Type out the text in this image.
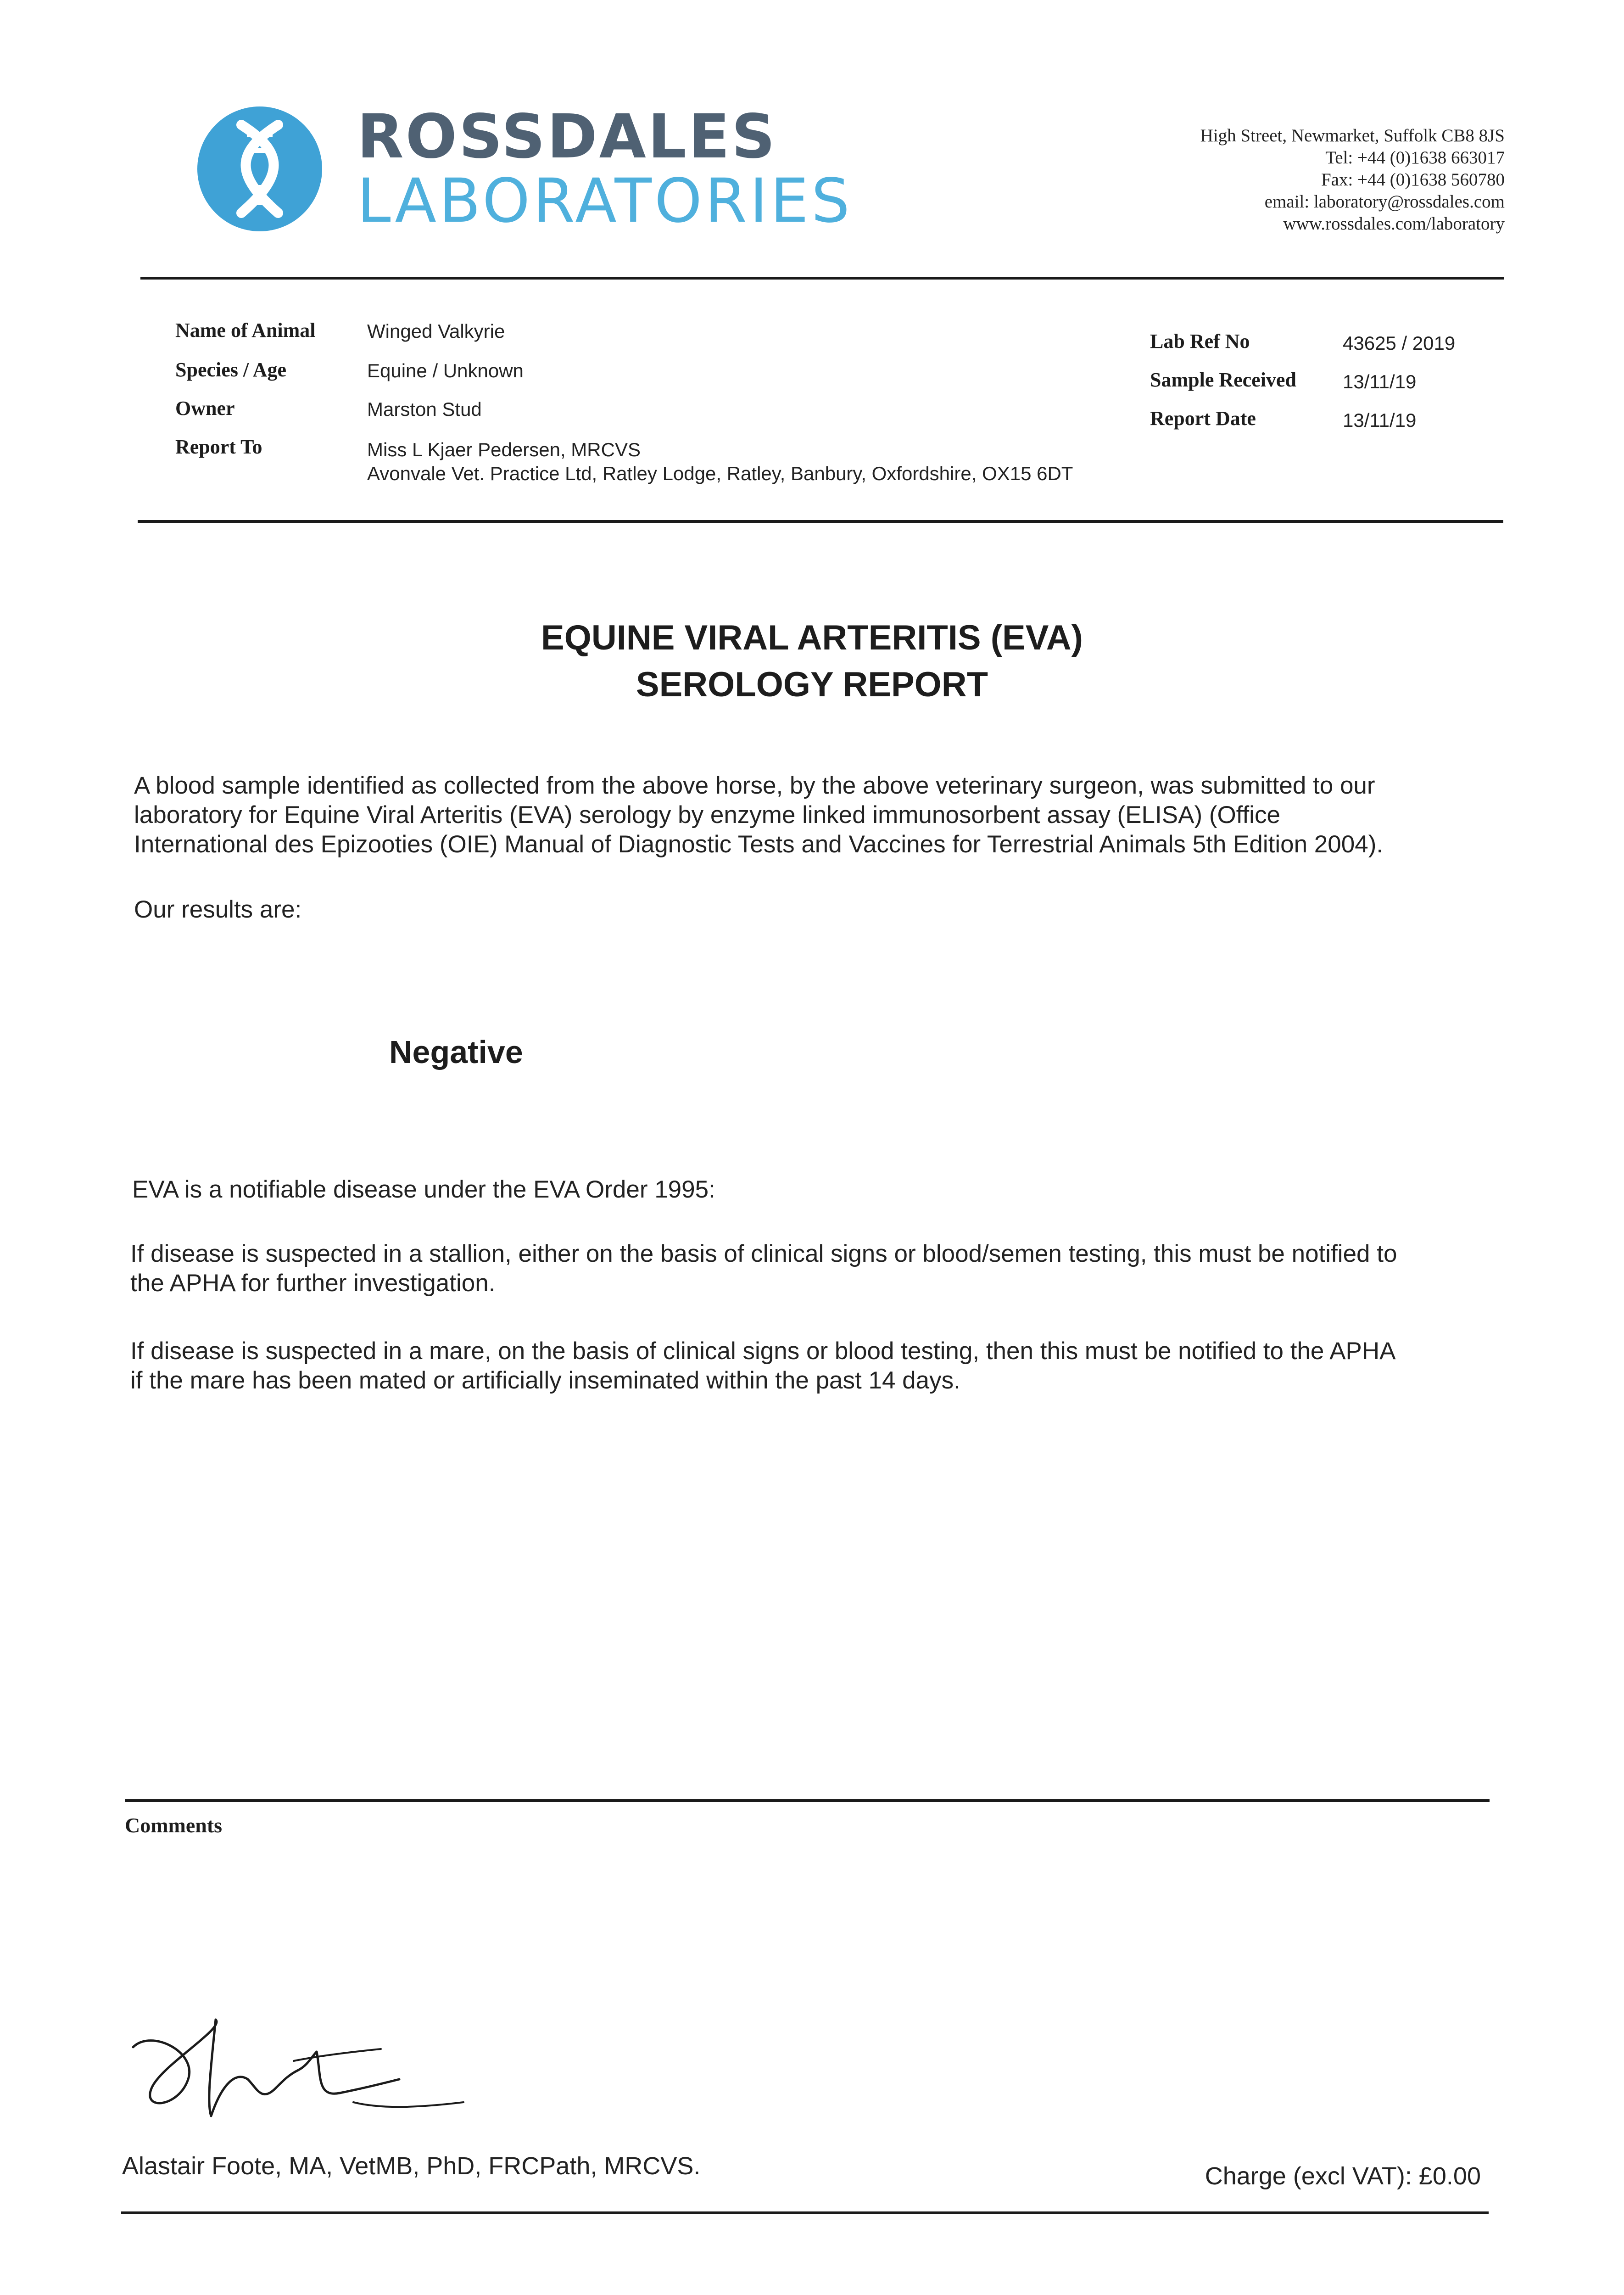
ROSSDALES
LABORATORIES
High Street, Newmarket, Suffolk CB8 8JS
Tel: +44 (0)1638 663017
Fax: +44 (0)1638 560780
email: laboratory@rossdales.com
www.rossdales.com/laboratory
Name of Animal	Winged Valkyrie
Species / Age	Equine / Unknown
Owner	Marston Stud
Report To	Miss L Kjaer Pedersen, MRCVS
Avonvale Vet. Practice Ltd, Ratley Lodge, Ratley, Banbury, Oxfordshire, OX15 6DT
Lab Ref No	43625 / 2019
Sample Received 13/11/19
Report Date	13/11/19
EQUINE VIRAL ARTERITIS (EVA)
SEROLOGY REPORT
A blood sample identified as collected from the above horse, by the above veterinary surgeon, was submitted to our
laboratory for Equine Viral Arteritis (EVA) serology by enzyme linked immunosorbent assay (ELISA) (Office
International des Epizooties (OIE) Manual of Diagnostic Tests and Vaccines for Terrestrial Animals 5th Edition 2004).
Our results are:
Negative
EVA is a notifiable disease under the EVA Order 1995:
If disease is suspected in a stallion, either on the basis of clinical signs or blood/semen testing, this must be notified to
the APHA for further investigation.
If disease is suspected in a mare, on the basis of clinical signs or blood testing, then this must be notified to the APHA
if the mare has been mated or artificially inseminated within the past 14 days.
Comments
Alastair Foote, MA, VetMB, PhD, FRCPath, MRCVS.	Charge (excl VAT): £0.00
